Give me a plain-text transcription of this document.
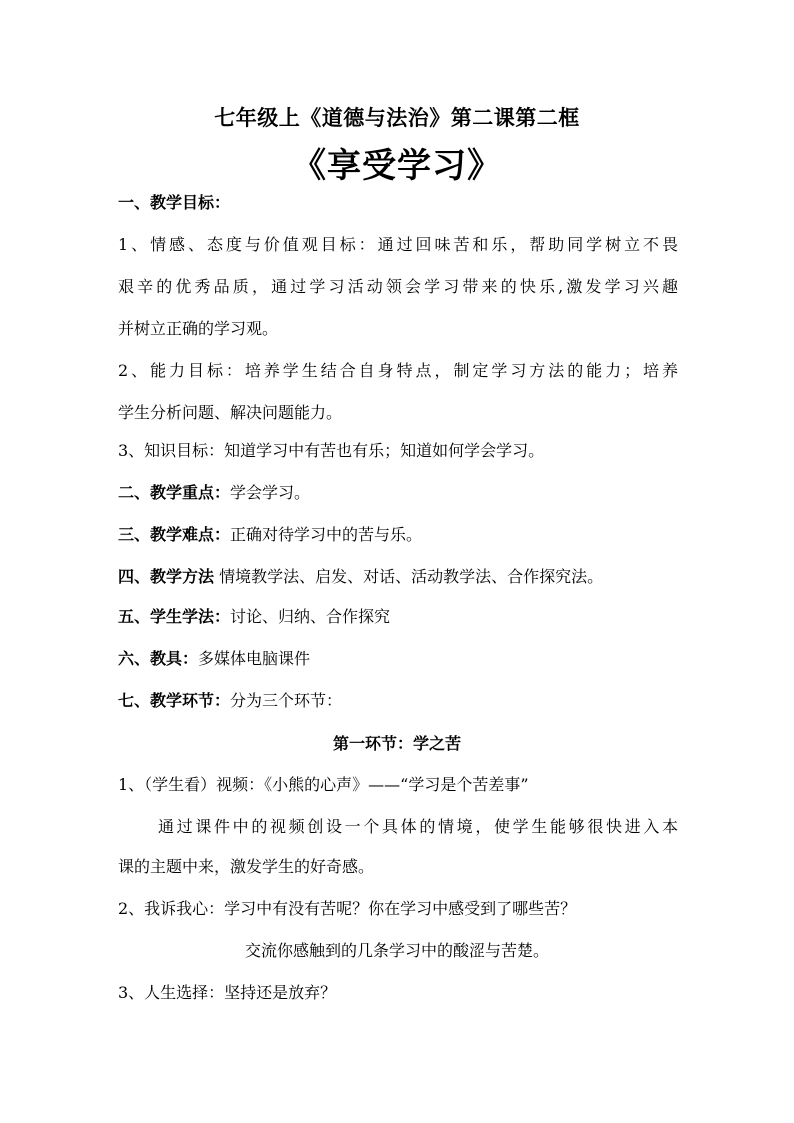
七年级上《道德与法治》第二课第二框
《享受学习》
一、教学目标：
1、情感、态度与价值观目标：通过回味苦和乐，帮助同学树立不畏
艰辛的优秀品质，通过学习活动领会学习带来的快乐,激发学习兴趣
并树立正确的学习观。
2、能力目标：培养学生结合自身特点，制定学习方法的能力；培养
学生分析问题、解决问题能力。
3、知识目标：知道学习中有苦也有乐；知道如何学会学习。
二、教学重点：学会学习。
三、教学难点：正确对待学习中的苦与乐。
四、教学方法 情境教学法、启发、对话、活动教学法、合作探究法。
五、学生学法：讨论、归纳、合作探究
六、教具：多媒体电脑课件
七、教学环节：分为三个环节：
第一环节：学之苦
1、（学生看）视频：《小熊的心声》——“学习是个苦差事”
通过课件中的视频创设一个具体的情境，使学生能够很快进入本
课的主题中来，激发学生的好奇感。
2、我诉我心：学习中有没有苦呢？你在学习中感受到了哪些苦？
交流你感触到的几条学习中的酸涩与苦楚。
3、人生选择：坚持还是放弃？
